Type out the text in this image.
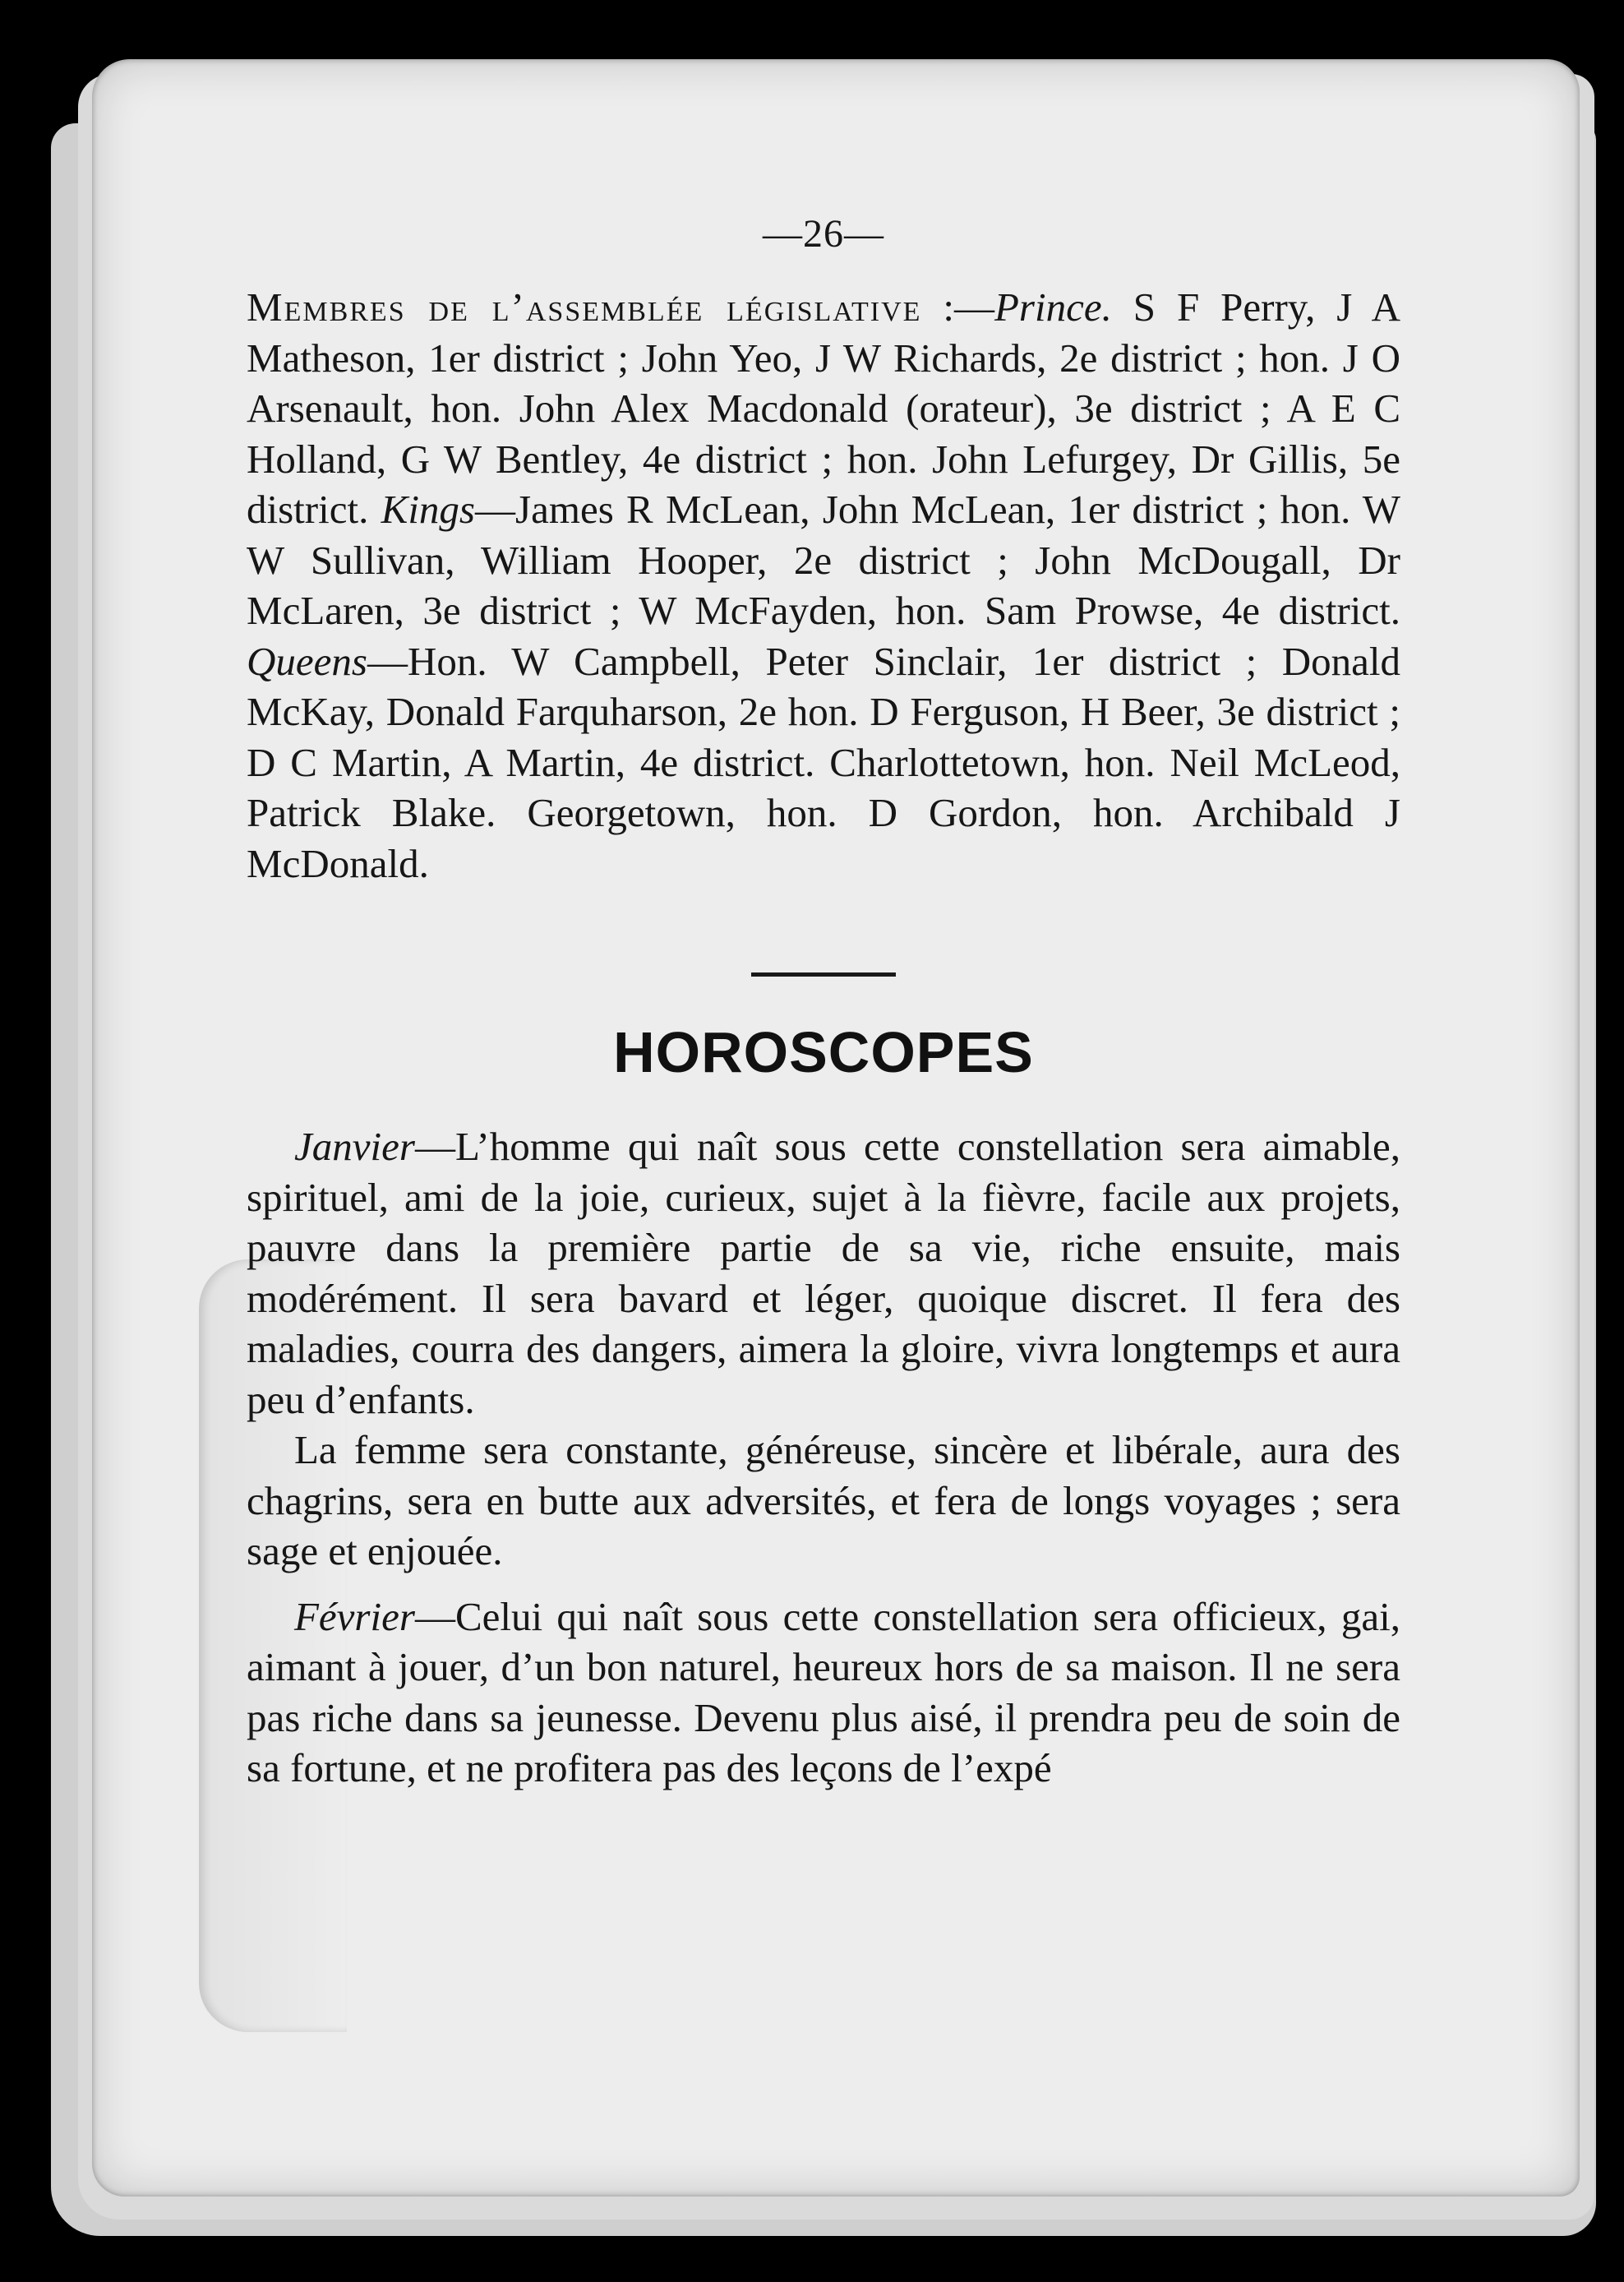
—26—

Membres de l’assemblée législative :—Prince. S F Perry, J A Matheson, 1er district ; John Yeo, J W Richards, 2e district ; hon. J O Arsenault, hon. John Alex Macdonald (orateur), 3e district ; A E C Holland, G W Bentley, 4e district ; hon. John Lefurgey, Dr Gillis, 5e district. Kings—James R McLean, John McLean, 1er district ; hon. W W Sullivan, William Hooper, 2e district ; John McDougall, Dr McLaren, 3e district ; W McFayden, hon. Sam Prowse, 4e district. Queens—Hon. W Campbell, Peter Sinclair, 1er district ; Donald McKay, Donald Farquharson, 2e hon. D Ferguson, H Beer, 3e district ; D C Martin, A Martin, 4e district. Charlottetown, hon. Neil McLeod, Patrick Blake. Georgetown, hon. D Gordon, hon. Archibald J McDonald.

HOROSCOPES

Janvier—L’homme qui naît sous cette constellation sera aimable, spirituel, ami de la joie, curieux, sujet à la fièvre, facile aux projets, pauvre dans la première partie de sa vie, riche ensuite, mais modérément. Il sera bavard et léger, quoique discret. Il fera des maladies, courra des dangers, aimera la gloire, vivra longtemps et aura peu d’enfants.

La femme sera constante, généreuse, sincère et libérale, aura des chagrins, sera en butte aux adversités, et fera de longs voyages ; sera sage et enjouée.

Février—Celui qui naît sous cette constellation sera officieux, gai, aimant à jouer, d’un bon naturel, heureux hors de sa maison. Il ne sera pas riche dans sa jeunesse. Devenu plus aisé, il prendra peu de soin de sa fortune, et ne profitera pas des leçons de l’expé
